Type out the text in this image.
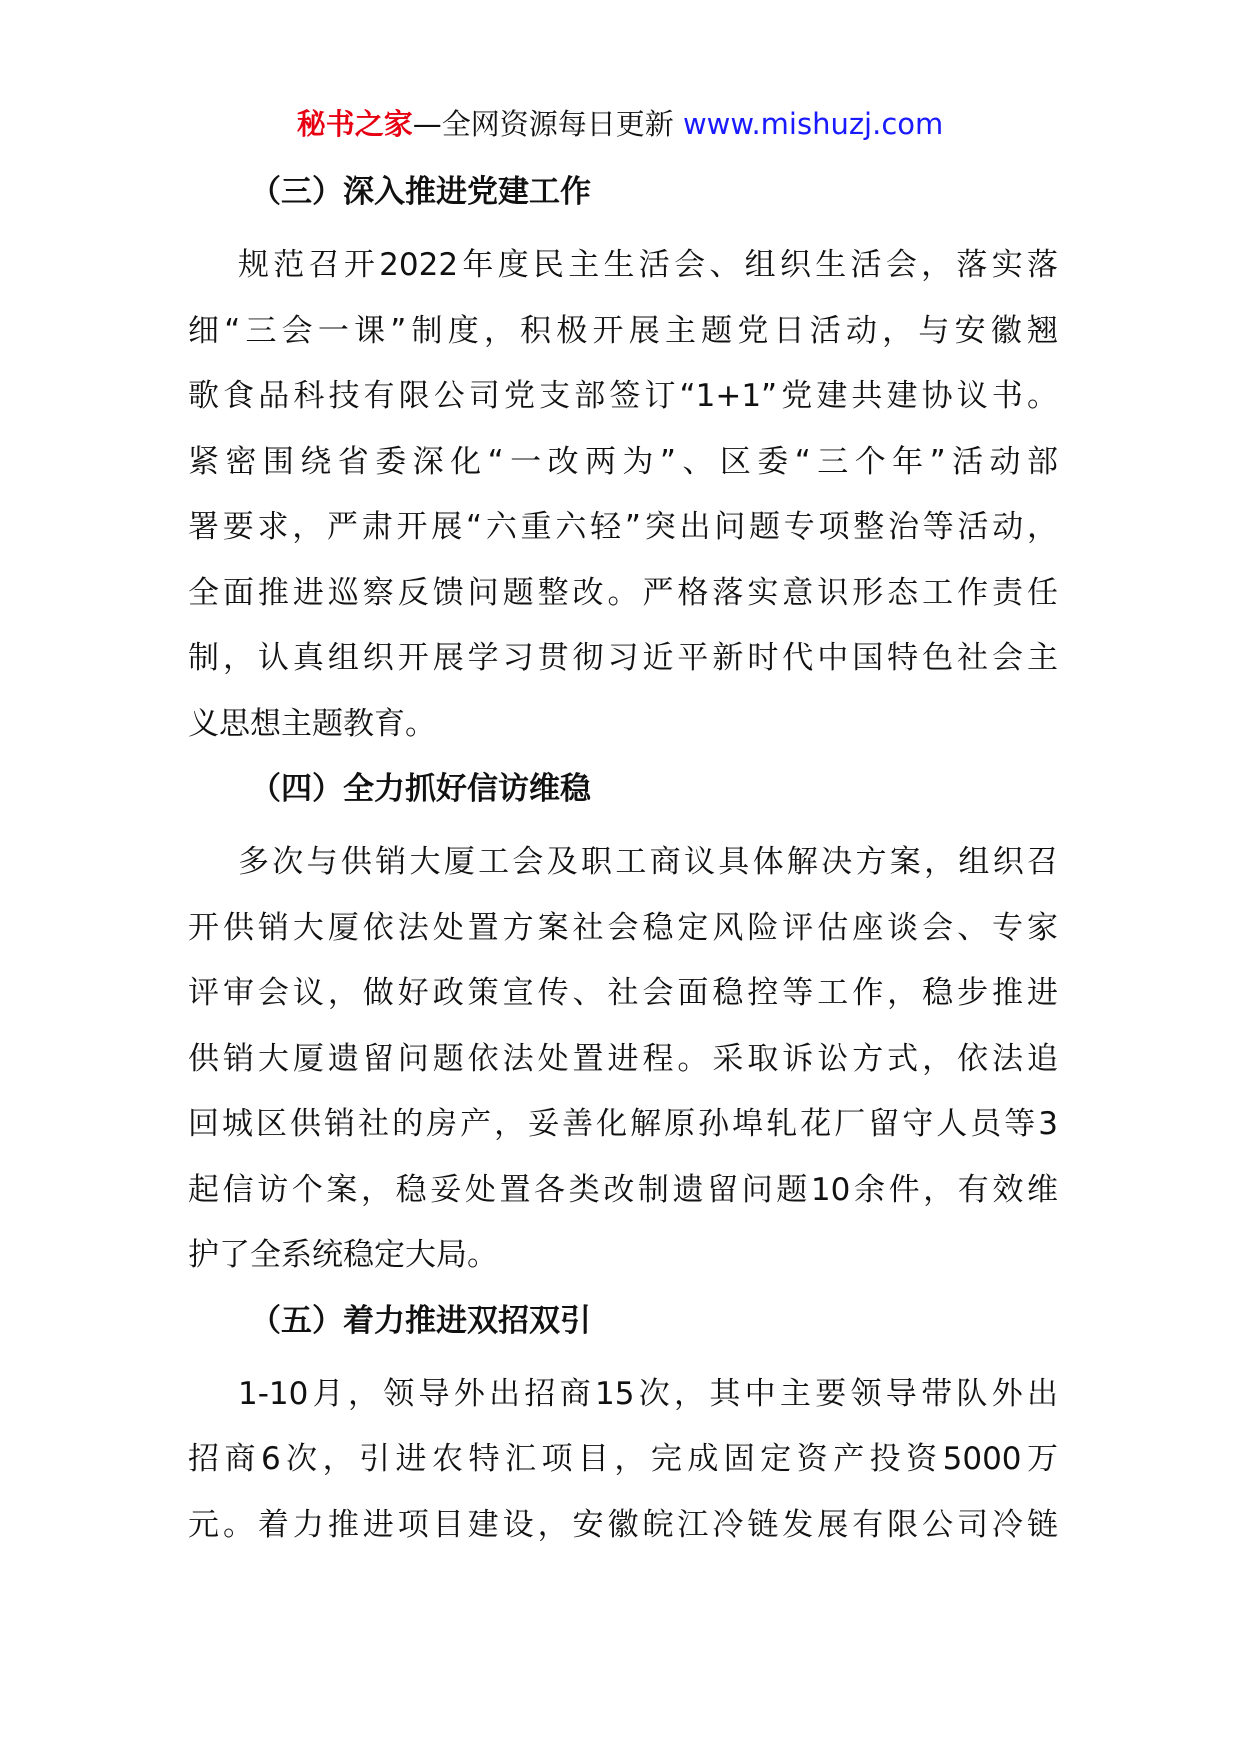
秘书之家—全网资源每日更新 www.mishuzj.com
（三）深入推进党建工作
规范召开2022年度民主生活会、组织生活会，落实落
细“三会一课”制度，积极开展主题党日活动，与安徽翘
歌食品科技有限公司党支部签订“1+1”党建共建协议书。
紧密围绕省委深化“一改两为”、区委“三个年”活动部
署要求，严肃开展“六重六轻”突出问题专项整治等活动，
全面推进巡察反馈问题整改。严格落实意识形态工作责任
制，认真组织开展学习贯彻习近平新时代中国特色社会主
义思想主题教育。
（四）全力抓好信访维稳
多次与供销大厦工会及职工商议具体解决方案，组织召
开供销大厦依法处置方案社会稳定风险评估座谈会、专家
评审会议，做好政策宣传、社会面稳控等工作，稳步推进
供销大厦遗留问题依法处置进程。采取诉讼方式，依法追
回城区供销社的房产，妥善化解原孙埠轧花厂留守人员等3
起信访个案，稳妥处置各类改制遗留问题10余件，有效维
护了全系统稳定大局。
（五）着力推进双招双引
1-10月，领导外出招商15次，其中主要领导带队外出
招商6次，引进农特汇项目，完成固定资产投资5000万
元。着力推进项目建设，安徽皖江冷链发展有限公司冷链
